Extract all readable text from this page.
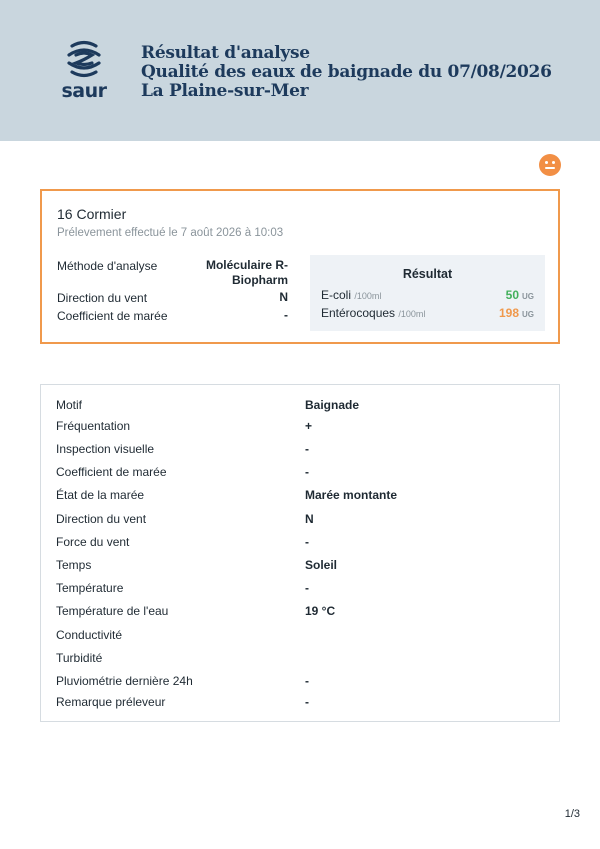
saur
Résultat d'analyse
Qualité des eaux de baignade du 07/08/2026
La Plaine-sur-Mer
16 Cormier
Prélevement effectué le 7 août 2026 à 10:03
Méthode d'analyse	Moléculaire R-Biopharm
Direction du vent	N
Coefficient de marée	-
Résultat
E-coli /100ml	50 UG
Entérocoques /100ml	198 UG
Motif	Baignade
Fréquentation	+
Inspection visuelle	-
Coefficient de marée	-
État de la marée	Marée montante
Direction du vent	N
Force du vent	-
Temps	Soleil
Température	-
Température de l'eau	19 °C
Conductivité
Turbidité
Pluviométrie dernière 24h	-
Remarque préleveur	-
1/3
